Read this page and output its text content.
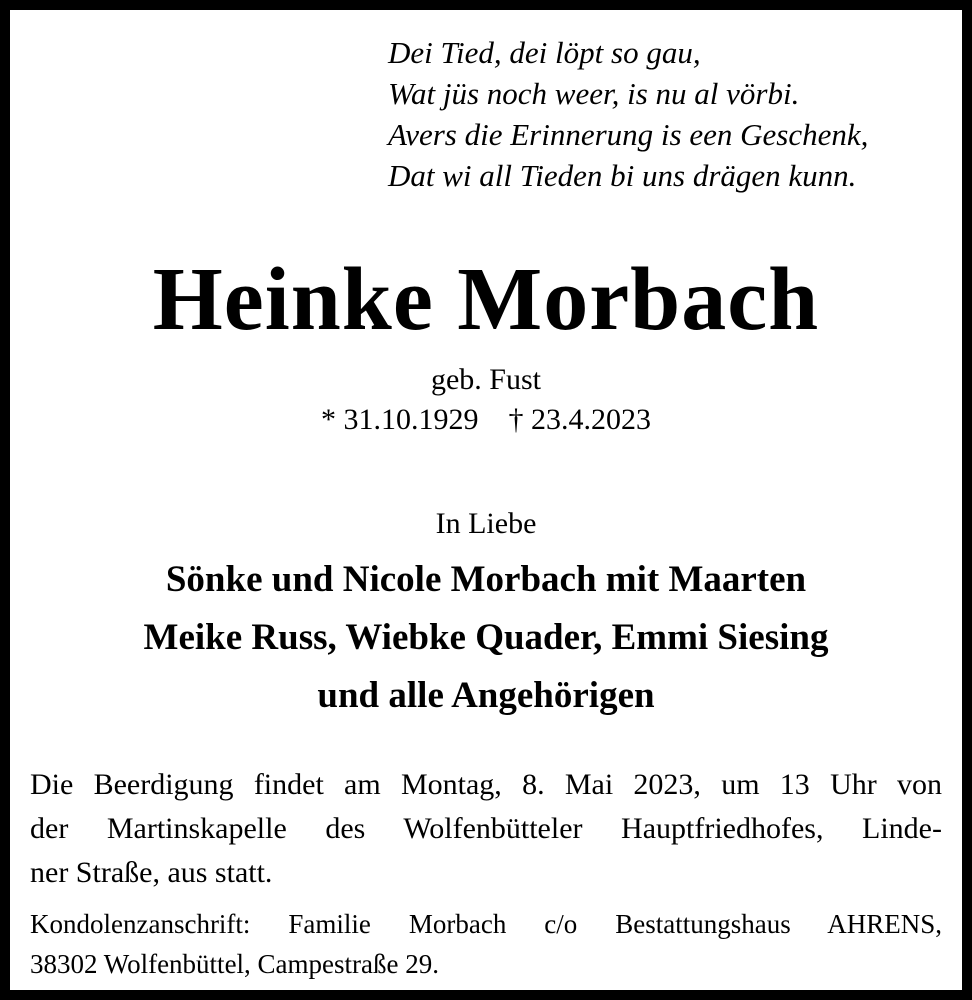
Dei Tied, dei löpt so gau,
Wat jüs noch weer, is nu al vörbi.
Avers die Erinnerung is een Geschenk,
Dat wi all Tieden bi uns drägen kunn.
Heinke Morbach
geb. Fust
* 31.10.1929 † 23.4.2023
In Liebe
Sönke und Nicole Morbach mit Maarten
Meike Russ, Wiebke Quader, Emmi Siesing
und alle Angehörigen
Die Beerdigung findet am Montag, 8. Mai 2023, um 13 Uhr von
der Martinskapelle des Wolfenbütteler Hauptfriedhofes, Linde-
ner Straße, aus statt.
Kondolenzanschrift: Familie Morbach c/o Bestattungshaus AHRENS,
38302 Wolfenbüttel, Campestraße 29.
